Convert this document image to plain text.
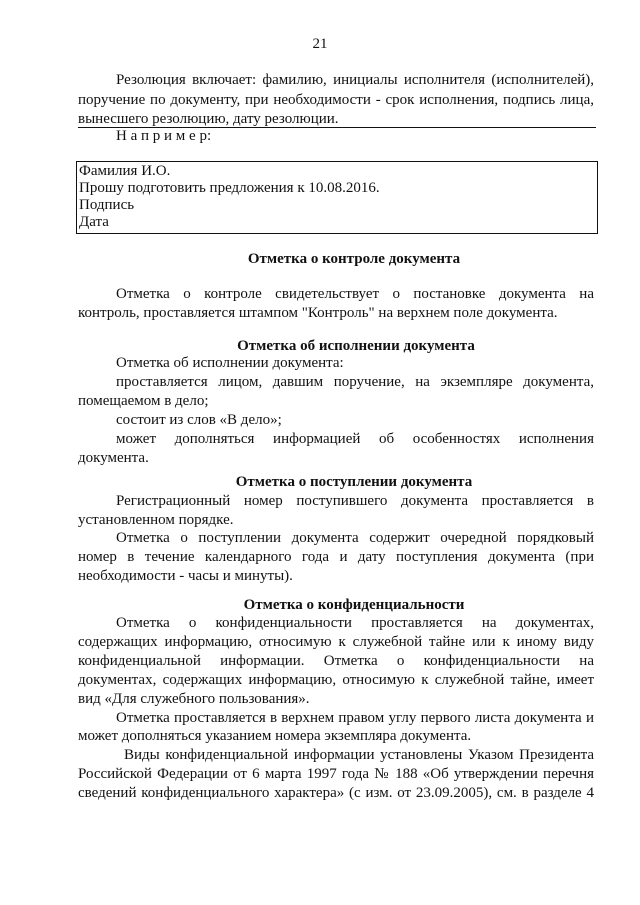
21
Резолюция включает: фамилию, инициалы исполнителя (исполнителей),
поручение по документу, при необходимости - срок исполнения, подпись лица,
вынесшего резолюцию, дату резолюции.
Н а п р и м е р:
Фамилия И.О.
Прошу подготовить предложения к 10.08.2016.
Подпись
Дата
Отметка о контроле документа
Отметка о контроле свидетельствует о постановке документа на
контроль, проставляется штампом "Контроль" на верхнем поле документа.
Отметка об исполнении документа
Отметка об исполнении документа:
проставляется лицом, давшим поручение, на экземпляре документа,
помещаемом в дело;
состоит из слов «В дело»;
может дополняться информацией об особенностях исполнения
документа.
Отметка о поступлении документа
Регистрационный номер поступившего документа проставляется в
установленном порядке.
Отметка о поступлении документа содержит очередной порядковый
номер в течение календарного года и дату поступления документа (при
необходимости - часы и минуты).
Отметка о конфиденциальности
Отметка о конфиденциальности проставляется на документах,
содержащих информацию, относимую к служебной тайне или к иному виду
конфиденциальной информации. Отметка о конфиденциальности на
документах, содержащих информацию, относимую к служебной тайне, имеет
вид «Для служебного пользования».
Отметка проставляется в верхнем правом углу первого листа документа и
может дополняться указанием номера экземпляра документа.
Виды конфиденциальной информации установлены Указом Президента
Российской Федерации от 6 марта 1997 года № 188 «Об утверждении перечня
сведений конфиденциального характера» (с изм. от 23.09.2005), см. в разделе 4
